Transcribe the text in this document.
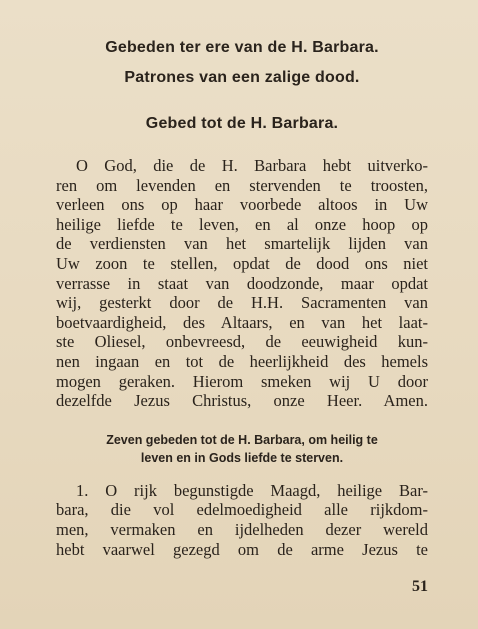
Gebeden ter ere van de H. Barbara.
Patrones van een zalige dood.
Gebed tot de H. Barbara.
O God, die de H. Barbara hebt uitverko-
ren om levenden en stervenden te troosten,
verleen ons op haar voorbede altoos in Uw
heilige liefde te leven, en al onze hoop op
de verdiensten van het smartelijk lijden van
Uw zoon te stellen, opdat de dood ons niet
verrasse in staat van doodzonde, maar opdat
wij, gesterkt door de H.H. Sacramenten van
boetvaardigheid, des Altaars, en van het laat-
ste Oliesel, onbevreesd, de eeuwigheid kun-
nen ingaan en tot de heerlijkheid des hemels
mogen geraken. Hierom smeken wij U door
dezelfde Jezus Christus, onze Heer. Amen.
Zeven gebeden tot de H. Barbara, om heilig te
leven en in Gods liefde te sterven.
1. O rijk begunstigde Maagd, heilige Bar-
bara, die vol edelmoedigheid alle rijkdom-
men, vermaken en ijdelheden dezer wereld
hebt vaarwel gezegd om de arme Jezus te
51
